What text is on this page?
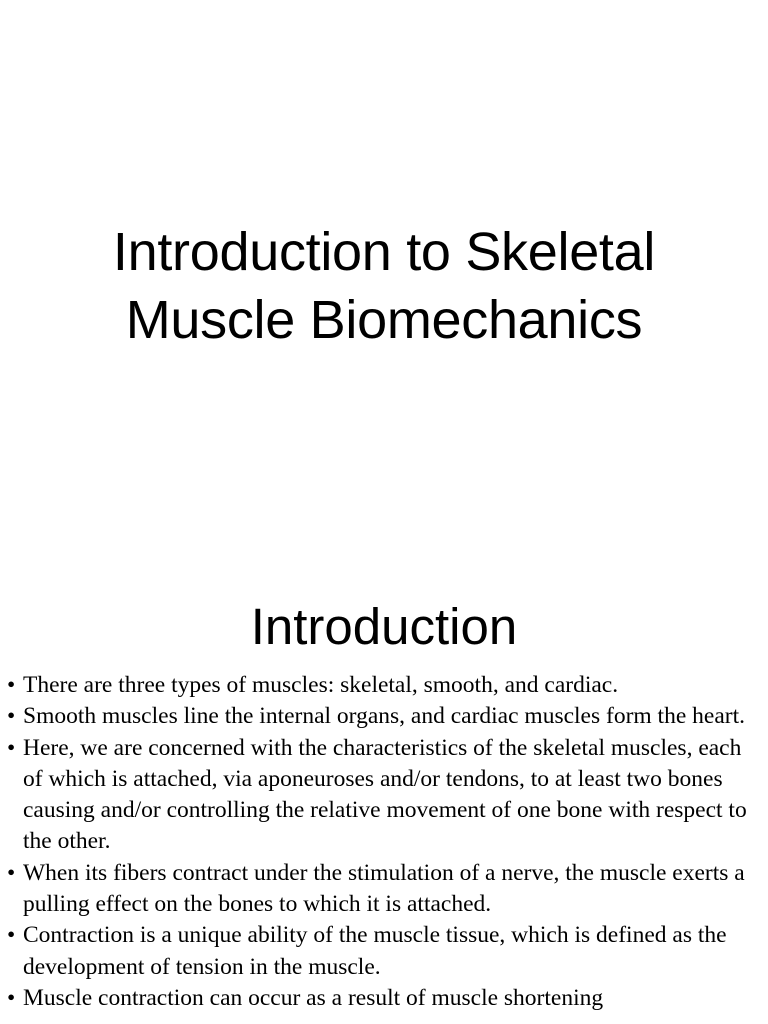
Introduction to Skeletal
Muscle Biomechanics
Introduction
• There are three types of muscles: skeletal, smooth, and cardiac.
• Smooth muscles line the internal organs, and cardiac muscles form the heart.
• Here, we are concerned with the characteristics of the skeletal muscles, each of which is attached, via aponeuroses and/or tendons, to at least two bones causing and/or controlling the relative movement of one bone with respect to the other.
• When its fibers contract under the stimulation of a nerve, the muscle exerts a pulling effect on the bones to which it is attached.
• Contraction is a unique ability of the muscle tissue, which is defined as the development of tension in the muscle.
• Muscle contraction can occur as a result of muscle shortening
